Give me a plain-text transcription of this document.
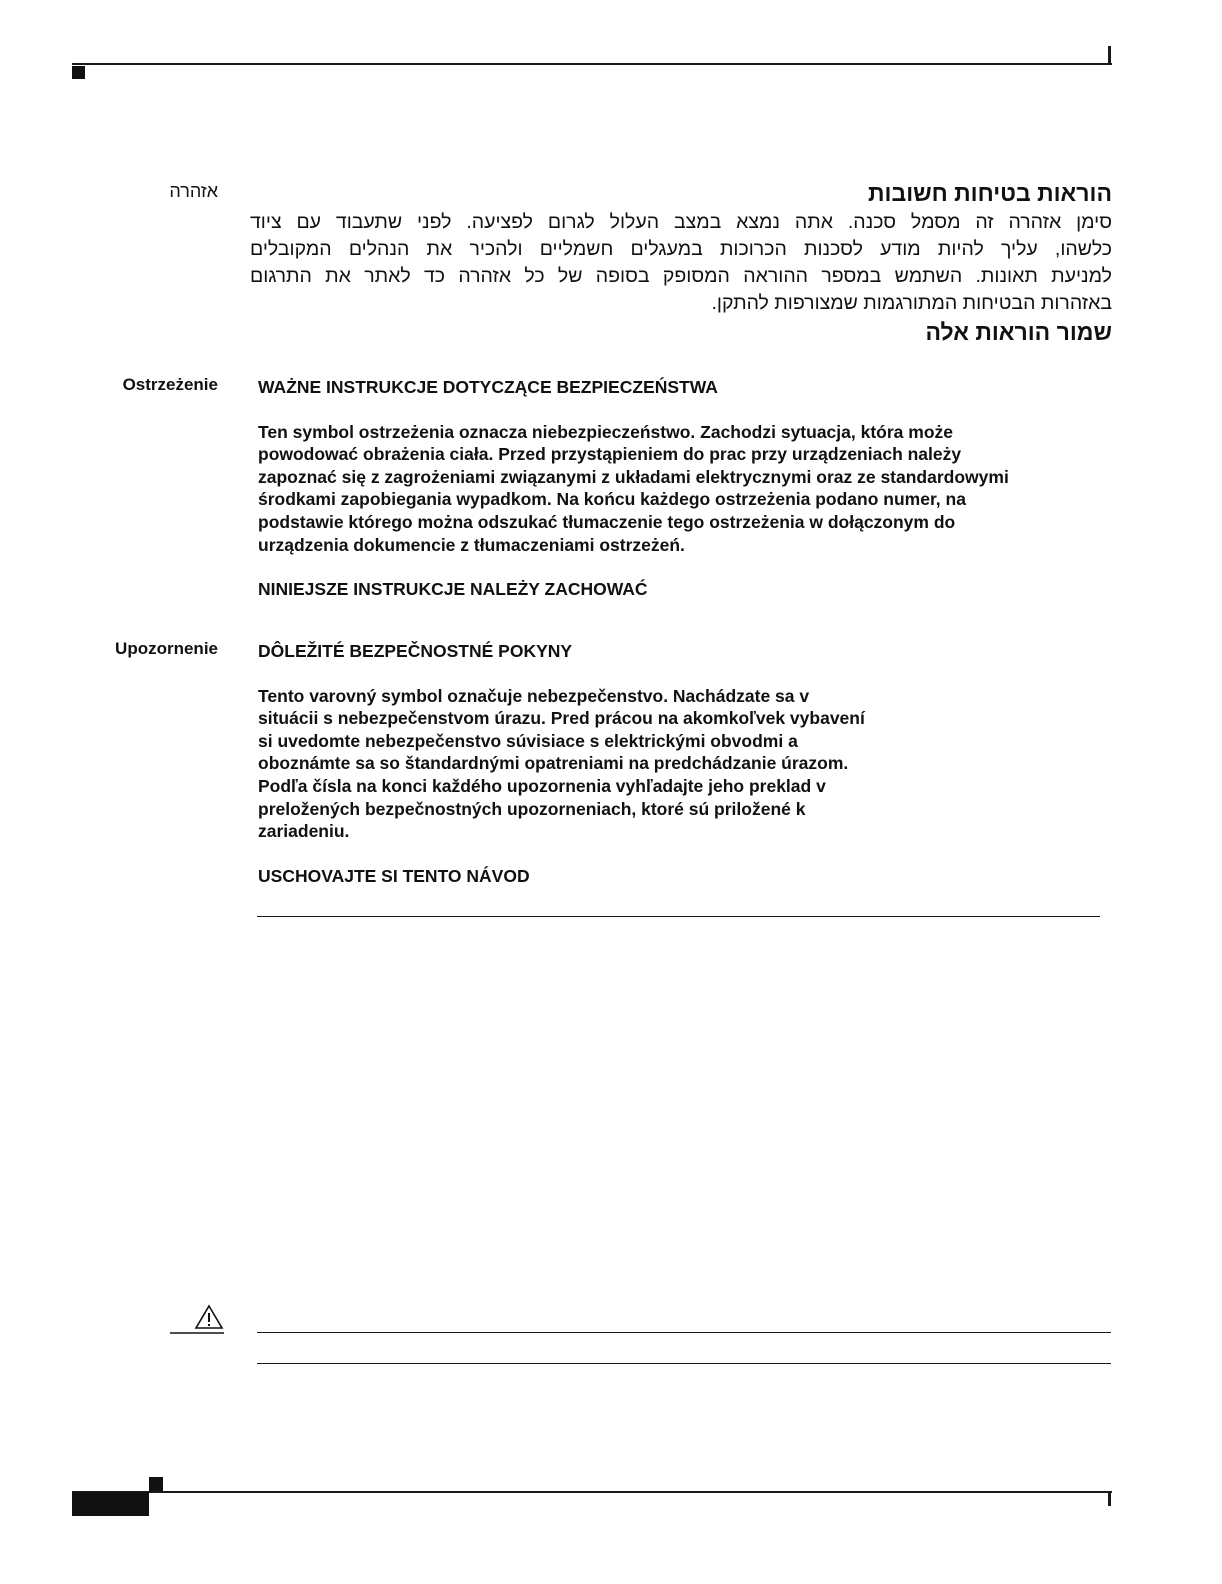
אזהרה	הוראות בטיחות חשובות
סימן אזהרה זה מסמל סכנה. אתה נמצא במצב העלול לגרום לפציעה. לפני שתעבוד עם ציוד
כלשהו, עליך להיות מודע לסכנות הכרוכות במעגלים חשמליים ולהכיר את הנהלים המקובלים
למניעת תאונות. השתמש במספר ההוראה המסופק בסופה של כל אזהרה כד לאתר את התרגום
באזהרות הבטיחות המתורגמות שמצורפות להתקן.
שמור הוראות אלה
Ostrzeżenie WAŻNE INSTRUKCJE DOTYCZĄCE BEZPIECZEŃSTWA

Ten symbol ostrzeżenia oznacza niebezpieczeństwo. Zachodzi sytuacja, która może

powodować obrażenia ciała. Przed przystąpieniem do prac przy urządzeniach należy

zapoznać się z zagrożeniami związanymi z układami elektrycznymi oraz ze standardowymi

środkami zapobiegania wypadkom. Na końcu każdego ostrzeżenia podano numer, na

podstawie którego można odszukać tłumaczenie tego ostrzeżenia w dołączonym do

urządzenia dokumencie z tłumaczeniami ostrzeżeń.

NINIEJSZE INSTRUKCJE NALEŻY ZACHOWAĆ

Upozornenie DÔLEŽITÉ BEZPEČNOSTNÉ POKYNY

Tento varovný symbol označuje nebezpečenstvo. Nachádzate sa v

situácii s nebezpečenstvom úrazu. Pred prácou na akomkoľvek vybavení

si uvedomte nebezpečenstvo súvisiace s elektrickými obvodmi a

oboznámte sa so štandardnými opatreniami na predchádzanie úrazom.

Podľa čísla na konci každého upozornenia vyhľadajte jeho preklad v

preložených bezpečnostných upozorneniach, ktoré sú priložené k

zariadeniu.

USCHOVAJTE SI TENTO NÁVOD
